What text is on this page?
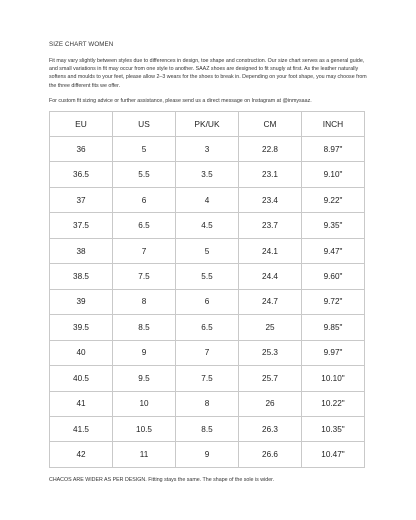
SIZE CHART WOMEN
Fit may vary slightly between styles due to differences in design, toe shape and construction. Our size chart serves as a general guide, and small variations in fit may occur from one style to another. SAAZ shoes are designed to fit snugly at first. As the leather naturally softens and moulds to your feet, please allow 2–3 wears for the shoes to break in. Depending on your foot shape, you may choose from the three different fits we offer.
For custom fit sizing advice or further assistance, please send us a direct message on Instagram at @inmysaaz.
EU	US	PK/UK	CM	INCH
36	5	3	22.8	8.97"
36.5	5.5	3.5	23.1	9.10"
37	6	4	23.4	9.22"
37.5	6.5	4.5	23.7	9.35"
38	7	5	24.1	9.47"
38.5	7.5	5.5	24.4	9.60"
39	8	6	24.7	9.72"
39.5	8.5	6.5	25	9.85"
40	9	7	25.3	9.97"
40.5	9.5	7.5	25.7	10.10"
41	10	8	26	10.22"
41.5	10.5	8.5	26.3	10.35"
42	11	9	26.6	10.47"
CHACOS ARE WIDER AS PER DESIGN. Fitting stays the same. The shape of the sole is wider.
